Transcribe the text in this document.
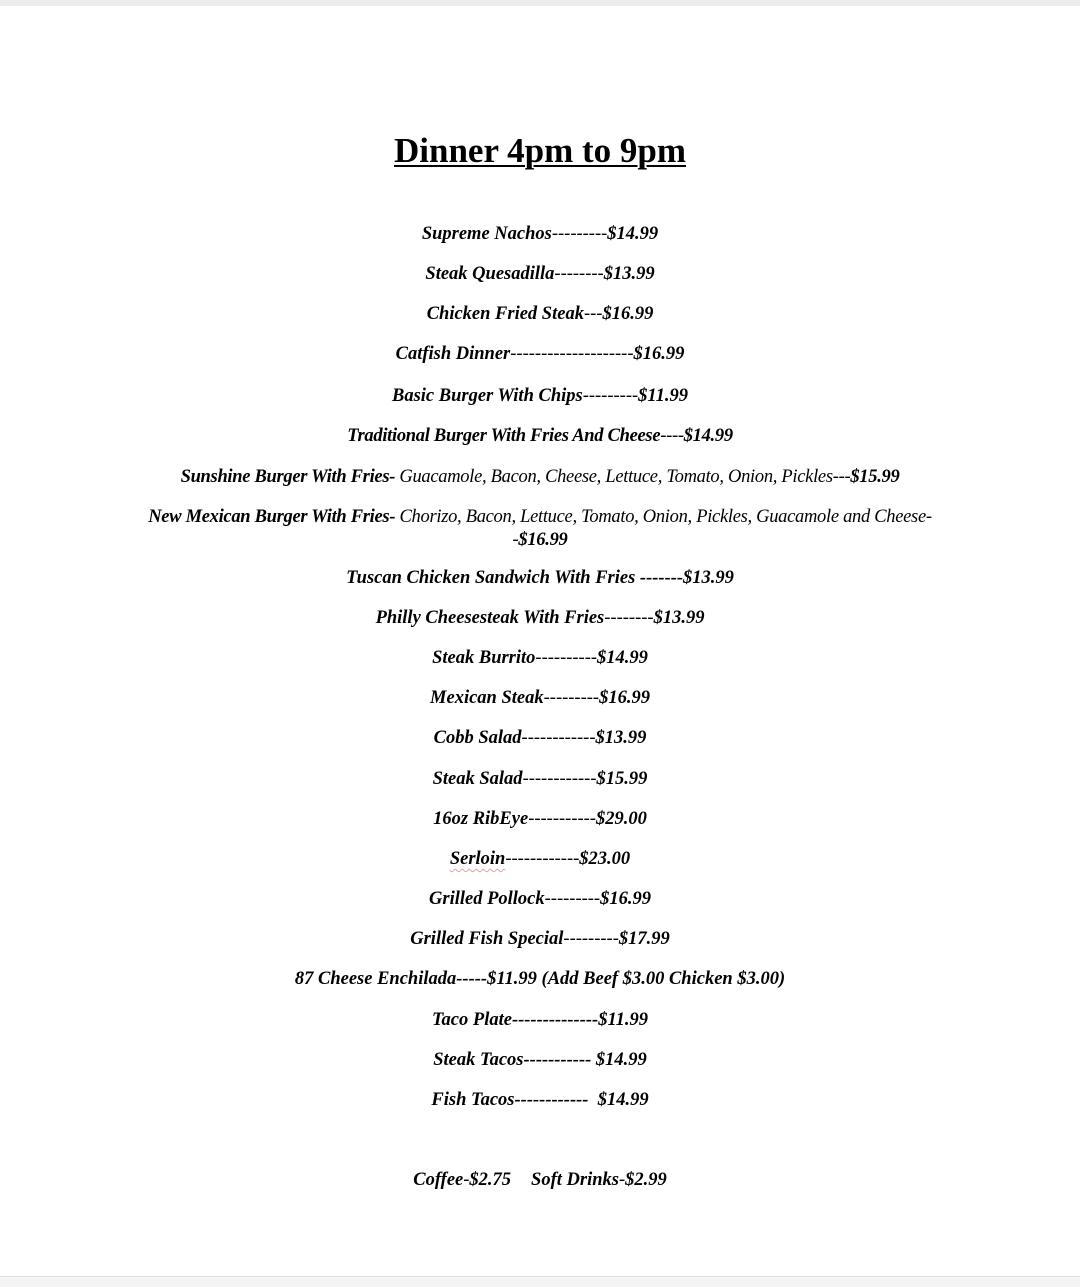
Dinner 4pm to 9pm
Supreme Nachos---------$14.99
Steak Quesadilla--------$13.99
Chicken Fried Steak---$16.99
Catfish Dinner--------------------$16.99
Basic Burger With Chips---------$11.99
Traditional Burger With Fries And Cheese----$14.99
Sunshine Burger With Fries- Guacamole, Bacon, Cheese, Lettuce, Tomato, Onion, Pickles---$15.99
New Mexican Burger With Fries- Chorizo, Bacon, Lettuce, Tomato, Onion, Pickles, Guacamole and Cheese--$16.99
Tuscan Chicken Sandwich With Fries -------$13.99
Philly Cheesesteak With Fries--------$13.99
Steak Burrito----------$14.99
Mexican Steak---------$16.99
Cobb Salad------------$13.99
Steak Salad------------$15.99
16oz RibEye-----------$29.00
Serloin------------$23.00
Grilled Pollock---------$16.99
Grilled Fish Special---------$17.99
87 Cheese Enchilada-----$11.99 (Add Beef $3.00 Chicken $3.00)
Taco Plate--------------$11.99
Steak Tacos----------- $14.99
Fish Tacos------------  $14.99
Coffee-$2.75 Soft Drinks-$2.99
